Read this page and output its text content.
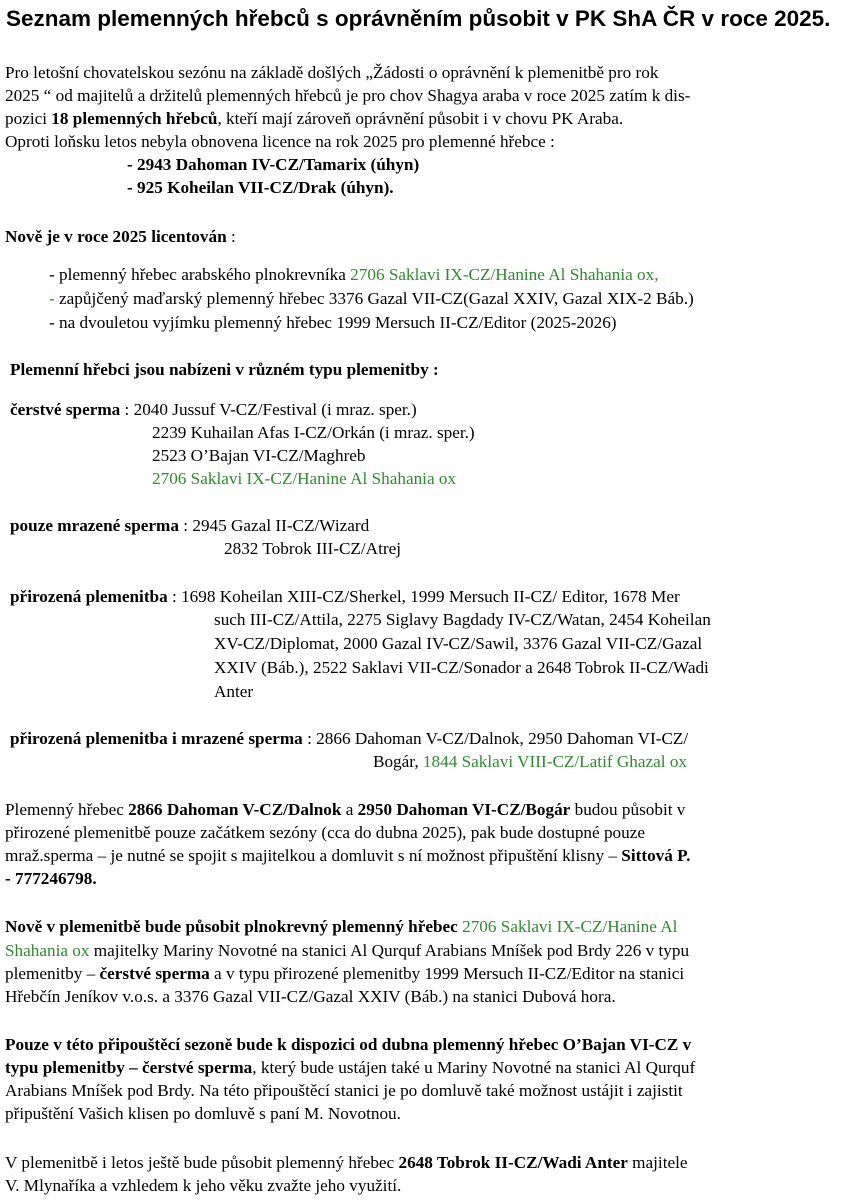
Seznam plemenných hřebců s oprávněním působit v PK ShA ČR v roce 2025.
Pro letošní chovatelskou sezónu na základě došlých „Žádosti o oprávnění k plemenitbě pro rok
2025 “ od majitelů a držitelů plemenných hřebců je pro chov Shagya araba v roce 2025 zatím k dis-
pozici 18 plemenných hřebců, kteří mají zároveň oprávnění působit i v chovu PK Araba.
Oproti loňsku letos nebyla obnovena licence na rok 2025 pro plemenné hřebce :
- 2943 Dahoman IV-CZ/Tamarix (úhyn)
- 925 Koheilan VII-CZ/Drak (úhyn).
Nově je v roce 2025 licentován :
- plemenný hřebec arabského plnokrevníka 2706 Saklavi IX-CZ/Hanine Al Shahania ox,
- zapůjčený maďarský plemenný hřebec 3376 Gazal VII-CZ(Gazal XXIV, Gazal XIX-2 Báb.)
- na dvouletou vyjímku plemenný hřebec 1999 Mersuch II-CZ/Editor (2025-2026)
Plemenní hřebci jsou nabízeni v různém typu plemenitby :
čerstvé sperma : 2040 Jussuf V-CZ/Festival (i mraz. sper.)
2239 Kuhailan Afas I-CZ/Orkán (i mraz. sper.)
2523 O’Bajan VI-CZ/Maghreb
2706 Saklavi IX-CZ/Hanine Al Shahania ox
pouze mrazené sperma : 2945 Gazal II-CZ/Wizard
2832 Tobrok III-CZ/Atrej
přirozená plemenitba : 1698 Koheilan XIII-CZ/Sherkel, 1999 Mersuch II-CZ/ Editor, 1678 Mer
such III-CZ/Attila, 2275 Siglavy Bagdady IV-CZ/Watan, 2454 Koheilan
XV-CZ/Diplomat, 2000 Gazal IV-CZ/Sawil, 3376 Gazal VII-CZ/Gazal
XXIV (Báb.), 2522 Saklavi VII-CZ/Sonador a 2648 Tobrok II-CZ/Wadi
Anter
přirozená plemenitba i mrazené sperma : 2866 Dahoman V-CZ/Dalnok, 2950 Dahoman VI-CZ/
Bogár, 1844 Saklavi VIII-CZ/Latif Ghazal ox
Plemenný hřebec 2866 Dahoman V-CZ/Dalnok a 2950 Dahoman VI-CZ/Bogár budou působit v
přirozené plemenitbě pouze začátkem sezóny (cca do dubna 2025), pak bude dostupné pouze
mraž.sperma – je nutné se spojit s majitelkou a domluvit s ní možnost připuštění klisny – Sittová P.
- 777246798.
Nově v plemenitbě bude působit plnokrevný plemenný hřebec 2706 Saklavi IX-CZ/Hanine Al
Shahania ox majitelky Mariny Novotné na stanici Al Qurquf Arabians Mníšek pod Brdy 226 v typu
plemenitby – čerstvé sperma a v typu přirozené plemenitby 1999 Mersuch II-CZ/Editor na stanici
Hřebčín Jeníkov v.o.s. a 3376 Gazal VII-CZ/Gazal XXIV (Báb.) na stanici Dubová hora.
Pouze v této připouštěcí sezoně bude k dispozici od dubna plemenný hřebec O’Bajan VI-CZ v
typu plemenitby – čerstvé sperma, který bude ustájen také u Mariny Novotné na stanici Al Qurquf
Arabians Mníšek pod Brdy. Na této připouštěcí stanici je po domluvě také možnost ustájit i zajistit
připuštění Vašich klisen po domluvě s paní M. Novotnou.
V plemenitbě i letos ještě bude působit plemenný hřebec 2648 Tobrok II-CZ/Wadi Anter majitele
V. Mlynaříka a vzhledem k jeho věku zvažte jeho využití.
